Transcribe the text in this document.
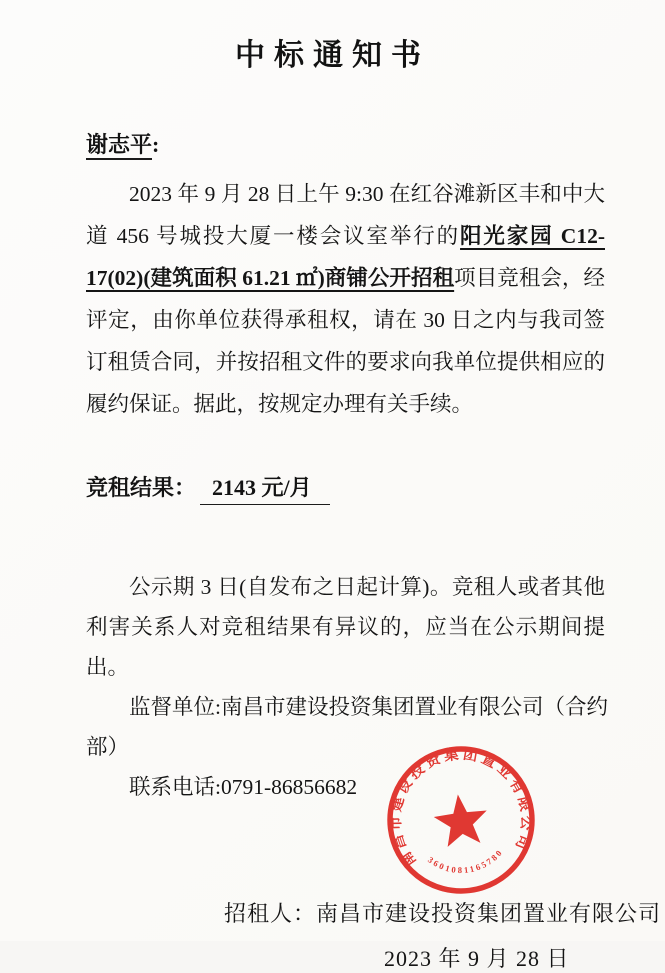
中标通知书
谢志平:

2023 年 9 月 28 日上午 9:30 在红谷滩新区丰和中大道 456 号城投大厦一楼会议室举行的阳光家园 C12-17(02)(建筑面积 61.21 ㎡)商铺公开招租项目竞租会，经评定，由你单位获得承租权，请在 30 日之内与我司签订租赁合同，并按招租文件的要求向我单位提供相应的履约保证。据此，按规定办理有关手续。

竞租结果： 2143 元/月

公示期 3 日(自发布之日起计算)。竞租人或者其他利害关系人对竞租结果有异议的，应当在公示期间提出。

监督单位:南昌市建设投资集团置业有限公司（合约部）
联系电话:0791-86856682
招租人：南昌市建设投资集团置业有限公司
2023 年 9 月 28 日
南昌市建设投资集团置业有限公司
3601081165780
